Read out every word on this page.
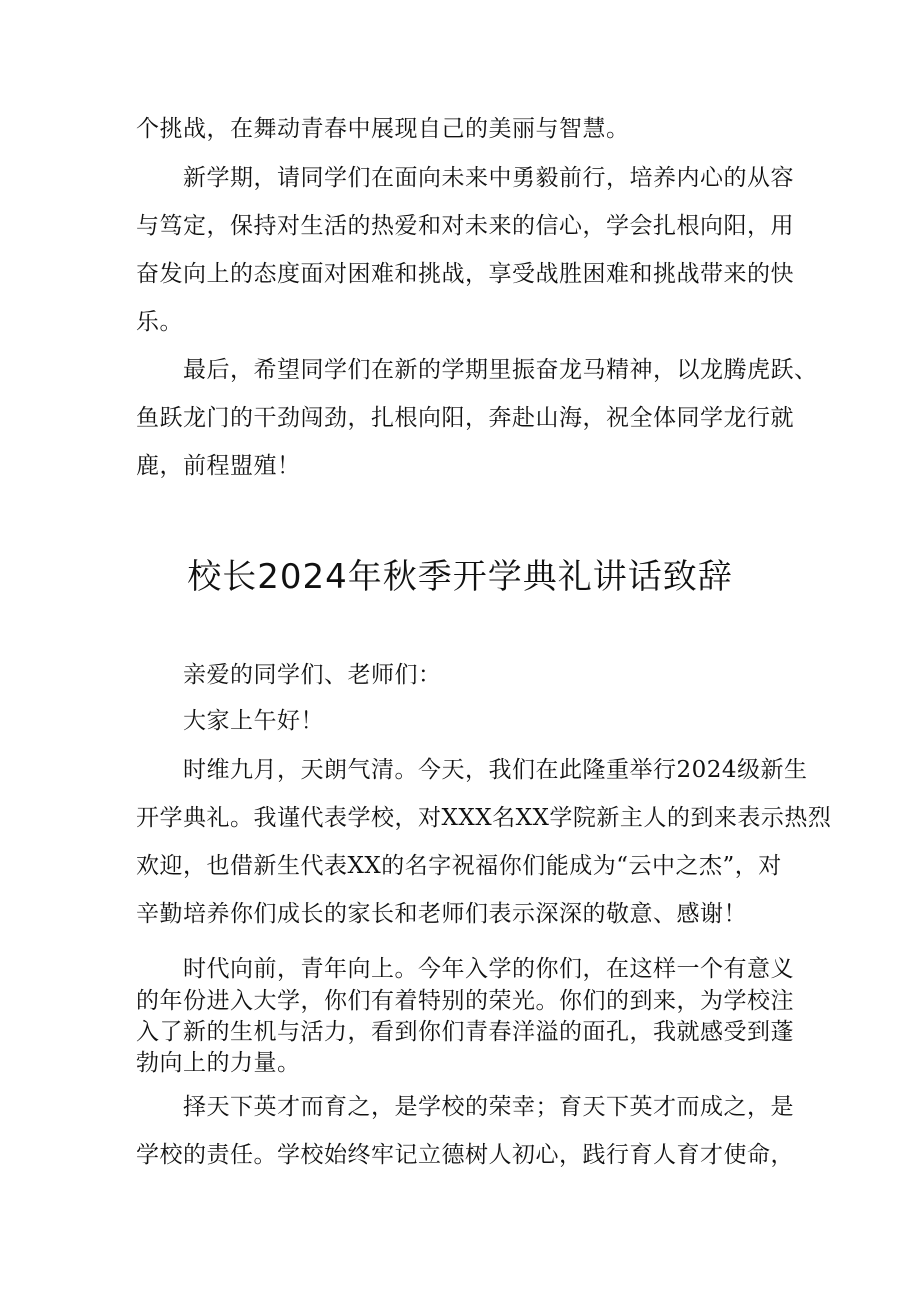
个挑战，在舞动青春中展现自己的美丽与智慧。
新学期，请同学们在面向未来中勇毅前行，培养内心的从容
与笃定，保持对生活的热爱和对未来的信心，学会扎根向阳，用
奋发向上的态度面对困难和挑战，享受战胜困难和挑战带来的快
乐。
最后，希望同学们在新的学期里振奋龙马精神，以龙腾虎跃、
鱼跃龙门的干劲闯劲，扎根向阳，奔赴山海，祝全体同学龙行就
鹿，前程盟殖！
校长2024年秋季开学典礼讲话致辞
亲爱的同学们、老师们：
大家上午好！
时维九月，天朗气清。今天，我们在此隆重举行2024级新生
开学典礼。我谨代表学校，对XXX名XX学院新主人的到来表示热烈
欢迎，也借新生代表XX的名字祝福你们能成为“云中之杰”，对
辛勤培养你们成长的家长和老师们表示深深的敬意、感谢！
时代向前，青年向上。今年入学的你们，在这样一个有意义
的年份进入大学，你们有着特别的荣光。你们的到来，为学校注
入了新的生机与活力，看到你们青春洋溢的面孔，我就感受到蓬
勃向上的力量。
择天下英才而育之，是学校的荣幸；育天下英才而成之，是
学校的责任。学校始终牢记立德树人初心，践行育人育才使命，
